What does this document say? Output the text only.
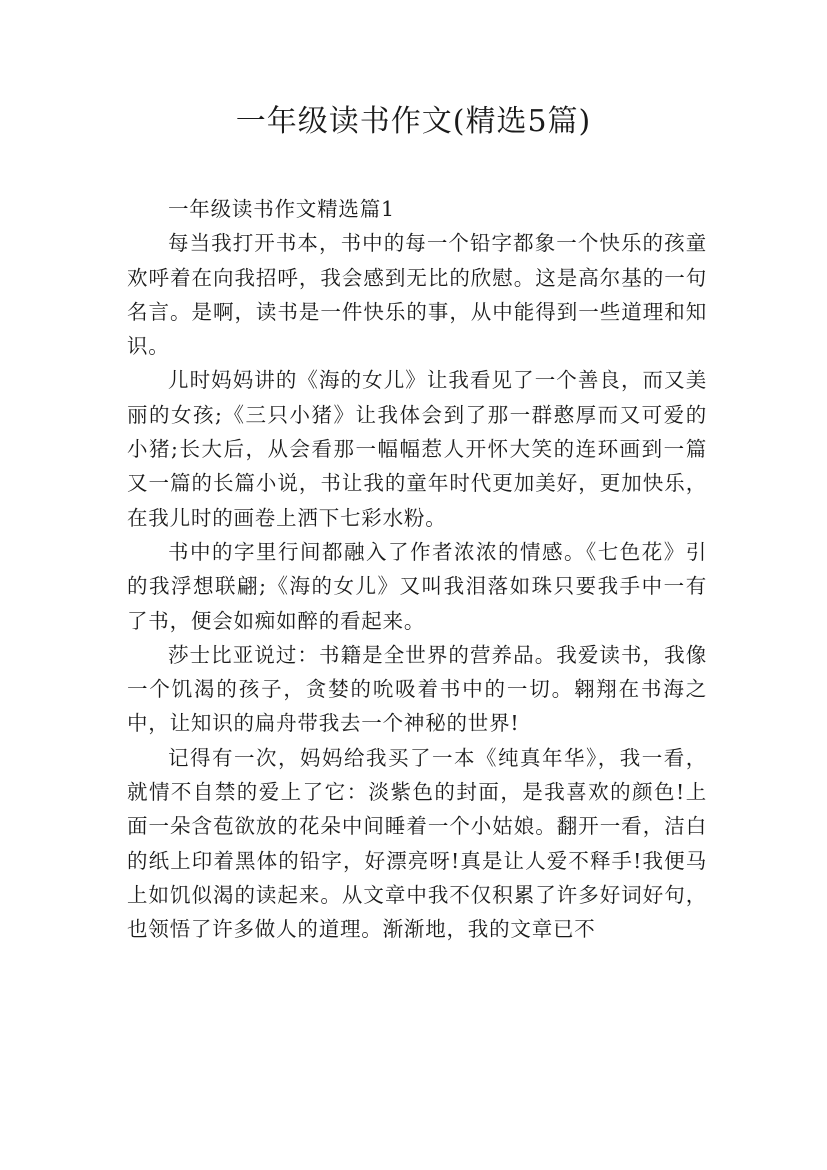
一年级读书作文(精选5篇)

一年级读书作文精选篇1

每当我打开书本，书中的每一个铅字都象一个快乐的孩童欢呼着在向我招呼，我会感到无比的欣慰。这是高尔基的一句名言。是啊，读书是一件快乐的事，从中能得到一些道理和知识。

儿时妈妈讲的《海的女儿》让我看见了一个善良，而又美丽的女孩;《三只小猪》让我体会到了那一群憨厚而又可爱的小猪;长大后，从会看那一幅幅惹人开怀大笑的连环画到一篇又一篇的长篇小说，书让我的童年时代更加美好，更加快乐，在我儿时的画卷上洒下七彩水粉。

书中的字里行间都融入了作者浓浓的情感。《七色花》引的我浮想联翩;《海的女儿》又叫我泪落如珠只要我手中一有了书，便会如痴如醉的看起来。

莎士比亚说过：书籍是全世界的营养品。我爱读书，我像一个饥渴的孩子，贪婪的吮吸着书中的一切。翱翔在书海之中，让知识的扁舟带我去一个神秘的世界!

记得有一次，妈妈给我买了一本《纯真年华》，我一看，就情不自禁的爱上了它：淡紫色的封面，是我喜欢的颜色!上面一朵含苞欲放的花朵中间睡着一个小姑娘。翻开一看，洁白的纸上印着黑体的铅字，好漂亮呀!真是让人爱不释手!我便马上如饥似渴的读起来。从文章中我不仅积累了许多好词好句，也领悟了许多做人的道理。渐渐地，我的文章已不
